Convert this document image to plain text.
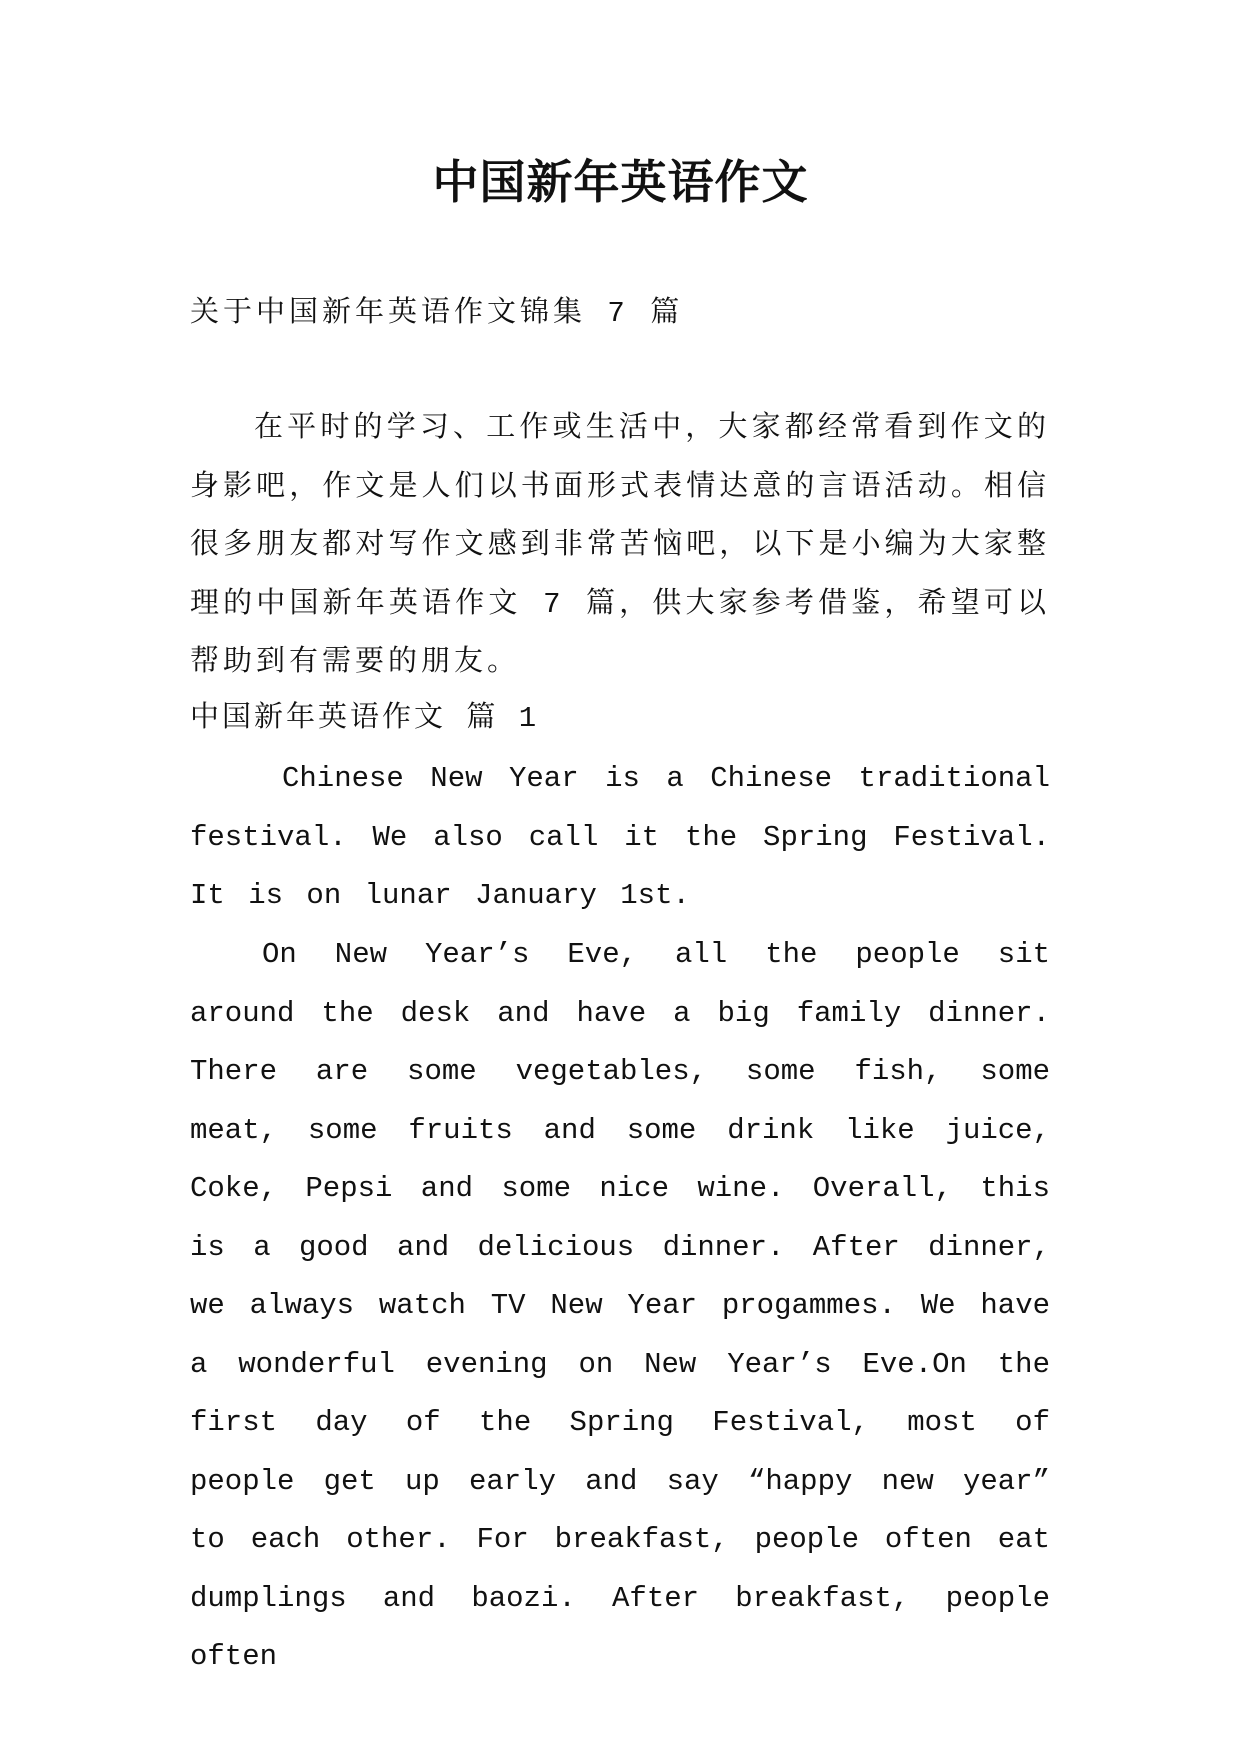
中国新年英语作文

关于中国新年英语作文锦集 7 篇

在平时的学习、工作或生活中，大家都经常看到作文的身影吧，作文是人们以书面形式表情达意的言语活动。相信很多朋友都对写作文感到非常苦恼吧，以下是小编为大家整理的中国新年英语作文 7 篇，供大家参考借鉴，希望可以帮助到有需要的朋友。

中国新年英语作文 篇 1

Chinese New Year is a Chinese traditional festival. We also call it the Spring Festival. It is on lunar January 1st.

On New Year’s Eve, all the people sit around the desk and have a big family dinner. There are some vegetables, some fish, some meat, some fruits and some drink like juice, Coke, Pepsi and some nice wine. Overall, this is a good and delicious dinner. After dinner, we always watch TV New Year progammes. We have a wonderful evening on New Year’s Eve.On the first day of the Spring Festival, most of people get up early and say “happy new year” to each other. For breakfast, people often eat dumplings and baozi. After breakfast, people often
